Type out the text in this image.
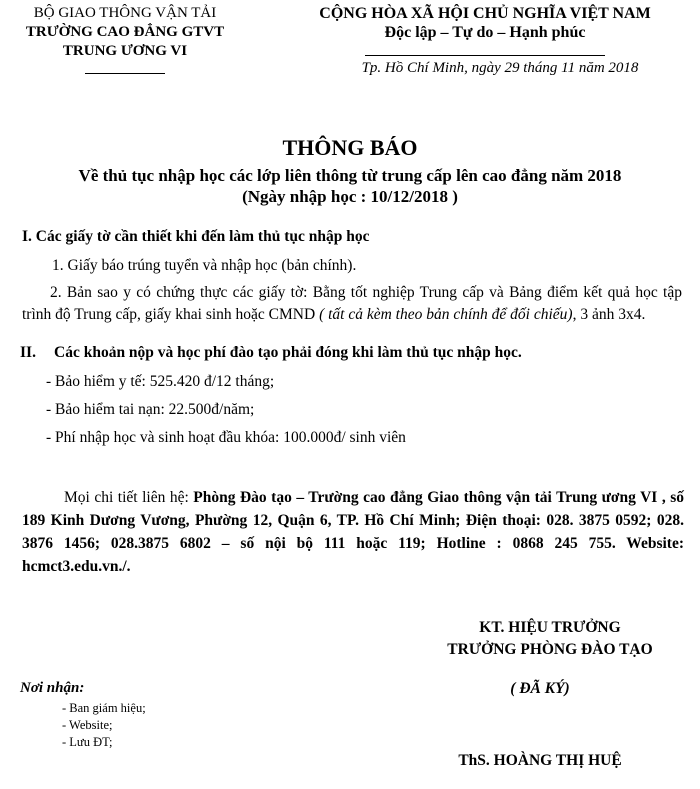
BỘ GIAO THÔNG VẬN TẢI
TRƯỜNG CAO ĐẲNG GTVT
TRUNG ƯƠNG VI
CỘNG HÒA XÃ HỘI CHỦ NGHĨA VIỆT NAM
Độc lập – Tự do – Hạnh phúc
Tp. Hồ Chí Minh, ngày 29 tháng 11 năm 2018
THÔNG BÁO
Về thủ tục nhập học các lớp liên thông từ trung cấp lên cao đẳng năm 2018
(Ngày nhập học : 10/12/2018 )
I. Các giấy tờ cần thiết khi đến làm thủ tục nhập học
1. Giấy báo trúng tuyển và nhập học (bản chính).
2. Bản sao y có chứng thực các giấy tờ: Bằng tốt nghiệp Trung cấp và Bảng điểm kết quả học tập trình độ Trung cấp, giấy khai sinh hoặc CMND ( tất cả kèm theo bản chính để đối chiếu), 3 ảnh 3x4.
II. Các khoản nộp và học phí đào tạo phải đóng khi làm thủ tục nhập học.
- Bảo hiểm y tế: 525.420 đ/12 tháng;
- Bảo hiểm tai nạn: 22.500đ/năm;
- Phí nhập học và sinh hoạt đầu khóa: 100.000đ/ sinh viên
Mọi chi tiết liên hệ: Phòng Đào tạo – Trường cao đẳng Giao thông vận tải Trung ương VI , số 189 Kinh Dương Vương, Phường 12, Quận 6, TP. Hồ Chí Minh; Điện thoại: 028. 3875 0592; 028. 3876 1456; 028.3875 6802 – số nội bộ 111 hoặc 119; Hotline : 0868 245 755. Website: hcmct3.edu.vn./.
KT. HIỆU TRƯỞNG
TRƯỞNG PHÒNG ĐÀO TẠO
( ĐÃ KÝ)
ThS. HOÀNG THỊ HUỆ
Nơi nhận:
- Ban giám hiệu;
- Website;
- Lưu ĐT;
